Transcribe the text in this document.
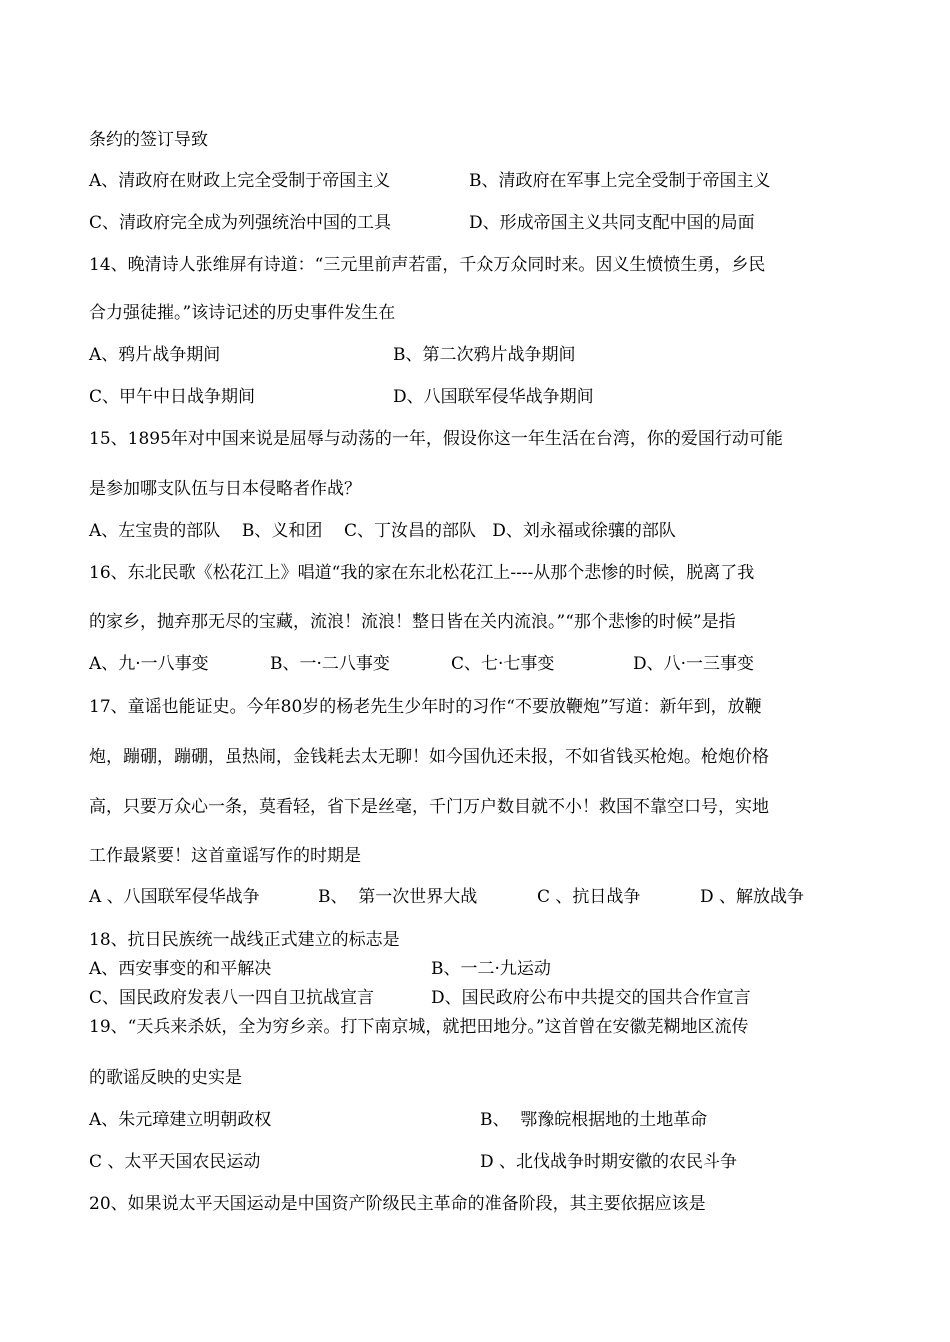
条约的签订导致
A、清政府在财政上完全受制于帝国主义	B、清政府在军事上完全受制于帝国主义
C、清政府完全成为列强统治中国的工具	D、形成帝国主义共同支配中国的局面
14、晚清诗人张维屏有诗道：“三元里前声若雷，千众万众同时来。因义生愤愤生勇，乡民
合力强徒摧。”该诗记述的历史事件发生在
A、鸦片战争期间	B、第二次鸦片战争期间
C、甲午中日战争期间	D、八国联军侵华战争期间
15、1895年对中国来说是屈辱与动荡的一年，假设你这一年生活在台湾，你的爱国行动可能
是参加哪支队伍与日本侵略者作战？
A、左宝贵的部队    B、义和团    C、丁汝昌的部队   D、刘永福或徐骧的部队
16、东北民歌《松花江上》唱道“我的家在东北松花江上----从那个悲惨的时候，脱离了我
的家乡，抛弃那无尽的宝藏，流浪！流浪！整日皆在关内流浪。”“那个悲惨的时候”是指
A、九·一八事变	B、一·二八事变	C、七·七事变	D、八·一三事变
17、童谣也能证史。今年80岁的杨老先生少年时的习作“不要放鞭炮”写道：新年到，放鞭
炮，蹦硼，蹦硼，虽热闹，金钱耗去太无聊！如今国仇还未报，不如省钱买枪炮。枪炮价格
高，只要万众心一条，莫看轻，省下是丝毫，千门万户数目就不小！救国不靠空口号，实地
工作最紧要！这首童谣写作的时期是
A 、八国联军侵华战争	B、  第一次世界大战	C 、抗日战争	D 、解放战争
18、抗日民族统一战线正式建立的标志是
A、西安事变的和平解决	B、一二·九运动
C、国民政府发表八一四自卫抗战宣言	D、国民政府公布中共提交的国共合作宣言
19、“天兵来杀妖，全为穷乡亲。打下南京城，就把田地分。”这首曾在安徽芜糊地区流传
的歌谣反映的史实是
A、朱元璋建立明朝政权	B、  鄂豫皖根据地的土地革命
C 、太平天国农民运动	D 、北伐战争时期安徽的农民斗争
20、如果说太平天国运动是中国资产阶级民主革命的准备阶段，其主要依据应该是
